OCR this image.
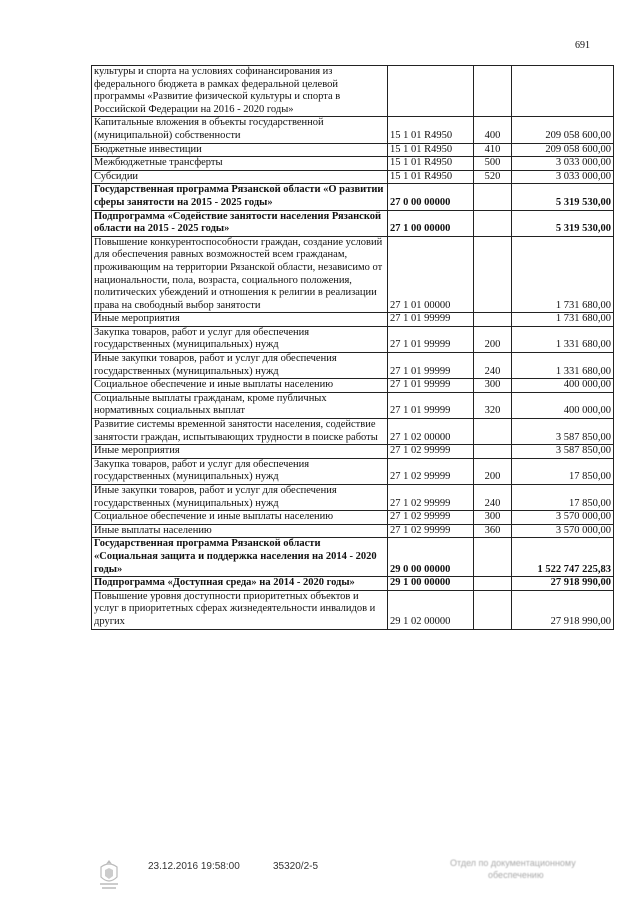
691
культуры и спорта на условиях софинансирования из федерального бюджета в рамках федеральной целевой программы «Развитие физической культуры и спорта в Российской Федерации на 2016 - 2020 годы»			
Капитальные вложения в объекты государственной (муниципальной) собственности	15 1 01 R4950	400	209 058 600,00
Бюджетные инвестиции	15 1 01 R4950	410	209 058 600,00
Межбюджетные трансферты	15 1 01 R4950	500	3 033 000,00
Субсидии	15 1 01 R4950	520	3 033 000,00
Государственная программа Рязанской области «О развитии сферы занятости на 2015 - 2025 годы»	27 0 00 00000		5 319 530,00
Подпрограмма «Содействие занятости населения Рязанской области на 2015 - 2025 годы»	27 1 00 00000		5 319 530,00
Повышение конкурентоспособности граждан, создание условий для обеспечения равных возможностей всем гражданам, проживающим на территории Рязанской области, независимо от национальности, пола, возраста, социального положения, политических убеждений и отношения к религии в реализации права на свободный выбор занятости	27 1 01 00000		1 731 680,00
Иные мероприятия	27 1 01 99999		1 731 680,00
Закупка товаров, работ и услуг для обеспечения государственных (муниципальных) нужд	27 1 01 99999	200	1 331 680,00
Иные закупки товаров, работ и услуг для обеспечения государственных (муниципальных) нужд	27 1 01 99999	240	1 331 680,00
Социальное обеспечение и иные выплаты населению	27 1 01 99999	300	400 000,00
Социальные выплаты гражданам, кроме публичных нормативных социальных выплат	27 1 01 99999	320	400 000,00
Развитие системы временной занятости населения, содействие занятости граждан, испытывающих трудности в поиске работы	27 1 02 00000		3 587 850,00
Иные мероприятия	27 1 02 99999		3 587 850,00
Закупка товаров, работ и услуг для обеспечения государственных (муниципальных) нужд	27 1 02 99999	200	17 850,00
Иные закупки товаров, работ и услуг для обеспечения государственных (муниципальных) нужд	27 1 02 99999	240	17 850,00
Социальное обеспечение и иные выплаты населению	27 1 02 99999	300	3 570 000,00
Иные выплаты населению	27 1 02 99999	360	3 570 000,00
Государственная программа Рязанской области «Социальная защита и поддержка населения на 2014 - 2020 годы»	29 0 00 00000		1 522 747 225,83
Подпрограмма «Доступная среда» на 2014 - 2020 годы»	29 1 00 00000		27 918 990,00
Повышение уровня доступности приоритетных объектов и услуг в приоритетных сферах жизнедеятельности инвалидов и других	29 1 02 00000		27 918 990,00
23.12.2016 19:58:00	35320/2-5	Отдел по документационному
обеспечению
